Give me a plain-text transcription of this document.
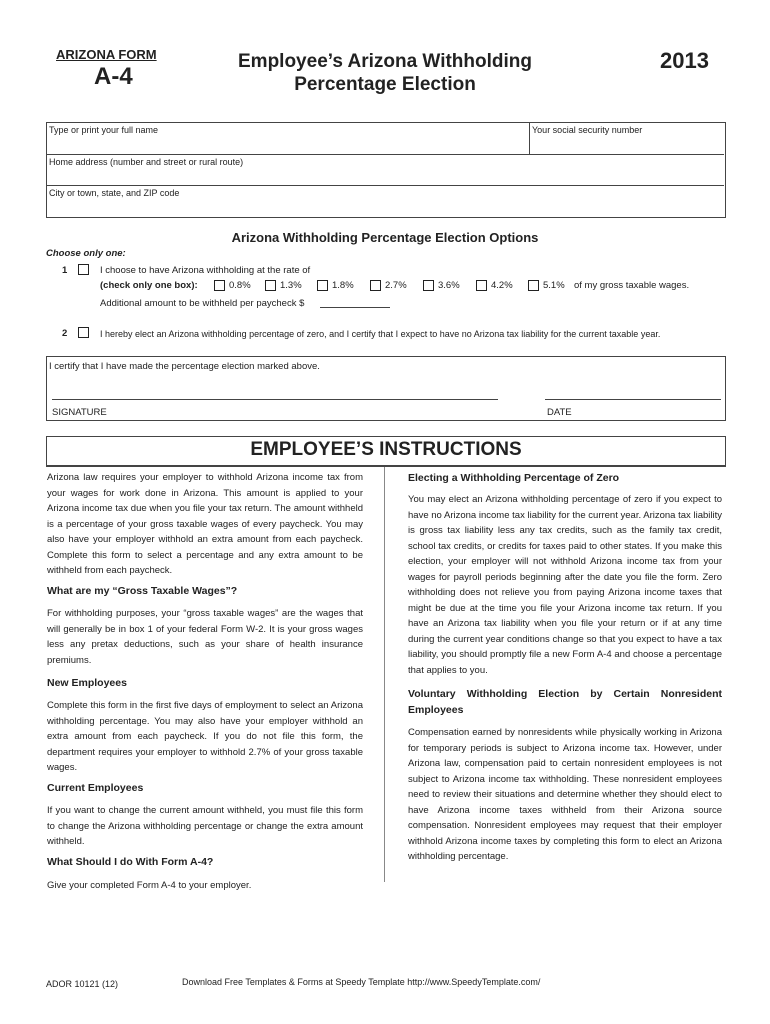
ARIZONA FORM
A-4
Employee’s Arizona Withholding
Percentage Election
2013
Type or print your full name	Your social security number
Home address (number and street or rural route)
City or town, state, and ZIP code
Arizona Withholding Percentage Election Options
Choose only one:
1	I choose to have Arizona withholding at the rate of
(check only one box):	0.8%	1.3%	1.8%	2.7%	3.6%	4.2%	5.1% of my gross taxable wages.
Additional amount to be withheld per paycheck $
2	I hereby elect an Arizona withholding percentage of zero, and I certify that I expect to have no Arizona tax liability for the current taxable year.
I certify that I have made the percentage election marked above.
SIGNATURE	DATE
EMPLOYEE’S INSTRUCTIONS
Arizona law requires your employer to withhold Arizona income tax from your wages for work done in Arizona. This amount is applied to your Arizona income tax due when you file your tax return. The amount withheld is a percentage of your gross taxable wages of every paycheck. You may also have your employer withhold an extra amount from each paycheck. Complete this form to select a percentage and any extra amount to be withheld from each paycheck.
What are my “Gross Taxable Wages”?
For withholding purposes, your “gross taxable wages” are the wages that will generally be in box 1 of your federal Form W-2. It is your gross wages less any pretax deductions, such as your share of health insurance premiums.
New Employees
Complete this form in the first five days of employment to select an Arizona withholding percentage. You may also have your employer withhold an extra amount from each paycheck. If you do not file this form, the department requires your employer to withhold 2.7% of your gross taxable wages.
Current Employees
If you want to change the current amount withheld, you must file this form to change the Arizona withholding percentage or change the extra amount withheld.
What Should I do With Form A-4?
Give your completed Form A-4 to your employer.
Electing a Withholding Percentage of Zero
You may elect an Arizona withholding percentage of zero if you expect to have no Arizona income tax liability for the current year. Arizona tax liability is gross tax liability less any tax credits, such as the family tax credit, school tax credits, or credits for taxes paid to other states. If you make this election, your employer will not withhold Arizona income tax from your wages for payroll periods beginning after the date you file the form. Zero withholding does not relieve you from paying Arizona income taxes that might be due at the time you file your Arizona income tax return. If you have an Arizona tax liability when you file your return or if at any time during the current year conditions change so that you expect to have a tax liability, you should promptly file a new Form A-4 and choose a percentage that applies to you.
Voluntary Withholding Election by Certain Nonresident Employees
Compensation earned by nonresidents while physically working in Arizona for temporary periods is subject to Arizona income tax. However, under Arizona law, compensation paid to certain nonresident employees is not subject to Arizona income tax withholding. These nonresident employees need to review their situations and determine whether they should elect to have Arizona income taxes withheld from their Arizona source compensation. Nonresident employees may request that their employer withhold Arizona income taxes by completing this form to elect an Arizona withholding percentage.
ADOR 10121 (12)	Download Free Templates & Forms at Speedy Template http://www.SpeedyTemplate.com/
